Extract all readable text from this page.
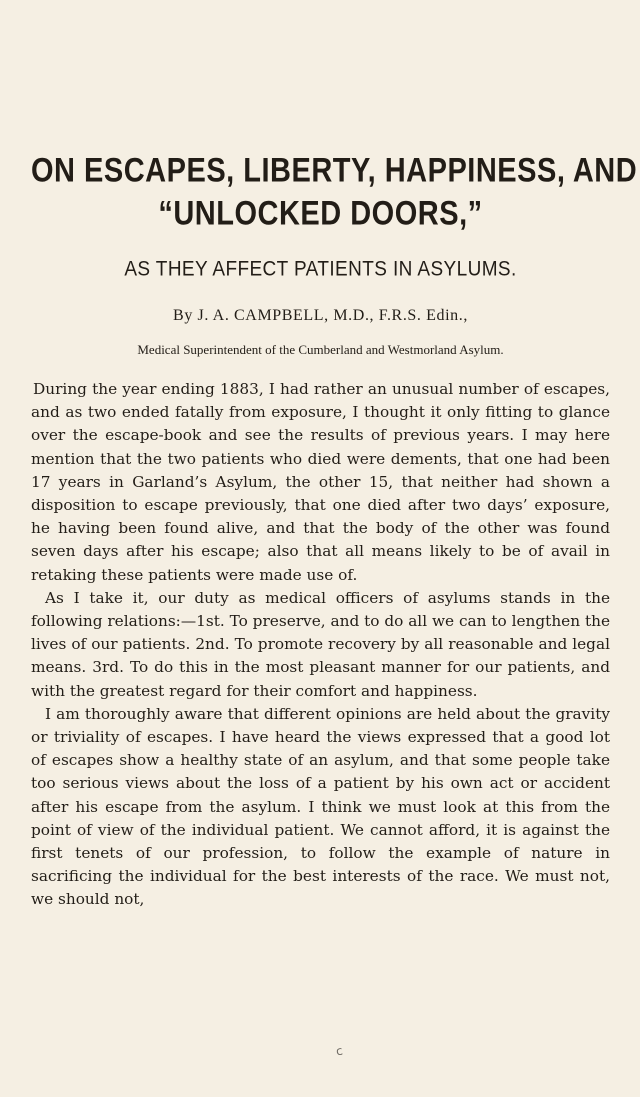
ON ESCAPES, LIBERTY, HAPPINESS, AND
“UNLOCKED DOORS,”
AS THEY AFFECT PATIENTS IN ASYLUMS.
By J. A. CAMPBELL, M.D., F.R.S. Edin.,
Medical Superintendent of the Cumberland and Westmorland Asylum.

During the year ending 1883, I had rather an unusual number of escapes, and as two ended fatally from exposure, I thought it only fitting to glance over the escape-book and see the results of previous years. I may here mention that the two patients who died were dements, that one had been 17 years in Garland’s Asylum, the other 15, that neither had shown a disposition to escape previously, that one died after two days’ exposure, he having been found alive, and that the body of the other was found seven days after his escape; also that all means likely to be of avail in retaking these patients were made use of.

As I take it, our duty as medical officers of asylums stands in the following relations:—1st. To preserve, and to do all we can to lengthen the lives of our patients. 2nd. To promote recovery by all reasonable and legal means. 3rd. To do this in the most pleasant manner for our patients, and with the greatest regard for their comfort and happiness.

I am thoroughly aware that different opinions are held about the gravity or triviality of escapes. I have heard the views expressed that a good lot of escapes show a healthy state of an asylum, and that some people take too serious views about the loss of a patient by his own act or accident after his escape from the asylum. I think we must look at this from the point of view of the individual patient. We cannot afford, it is against the first tenets of our profession, to follow the example of nature in sacrificing the individual for the best interests of the race. We must not, we should not,

c
